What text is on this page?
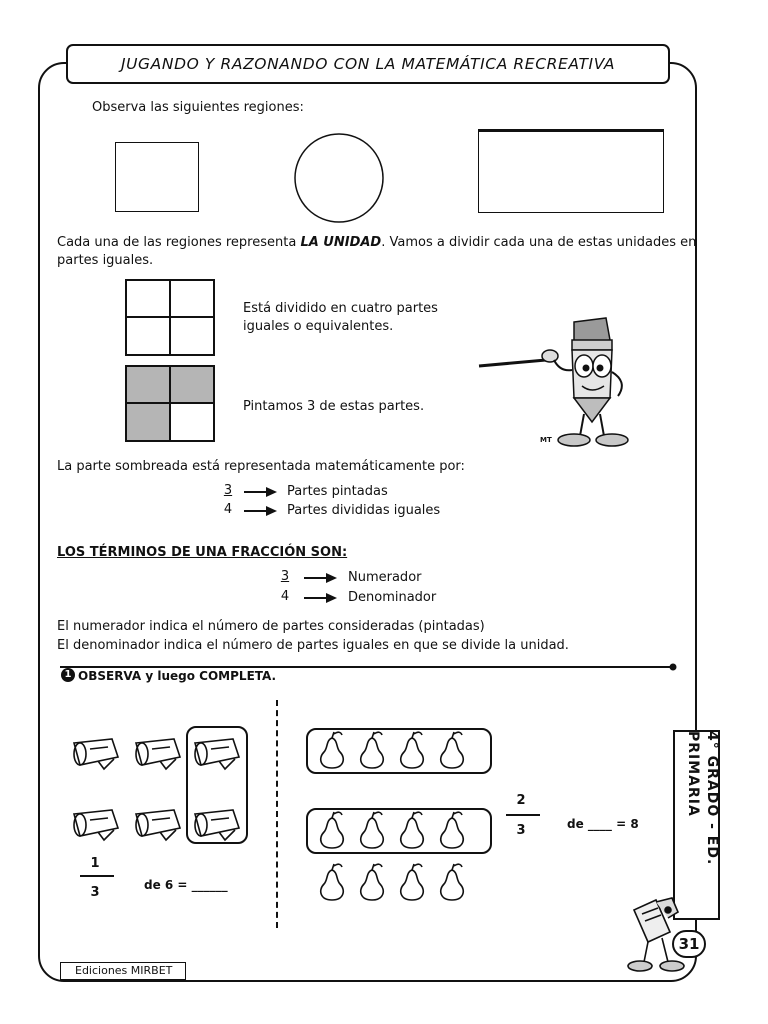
JUGANDO Y RAZONANDO CON LA MATEMÁTICA RECREATIVA
Observa las siguientes regiones:
Cada una de las regiones representa LA UNIDAD. Vamos a dividir cada una de estas unidades en
partes iguales.
Está dividido en cuatro partes
iguales o equivalentes.
Pintamos 3 de estas partes.
MT
La parte sombreada está representada matemáticamente por:
3
4
Partes pintadas
Partes divididas iguales
LOS TÉRMINOS DE UNA FRACCIÓN SON:
3
4
Numerador
Denominador
El numerador indica el número de partes consideradas (pintadas)
El denominador indica el número de partes iguales en que se divide la unidad.
1 OBSERVA y luego COMPLETA.
1
3	de 6 = ______
2
3	de ____ = 8	4° GRADO - ED.
PRIMARIA
31
Ediciones MIRBET
